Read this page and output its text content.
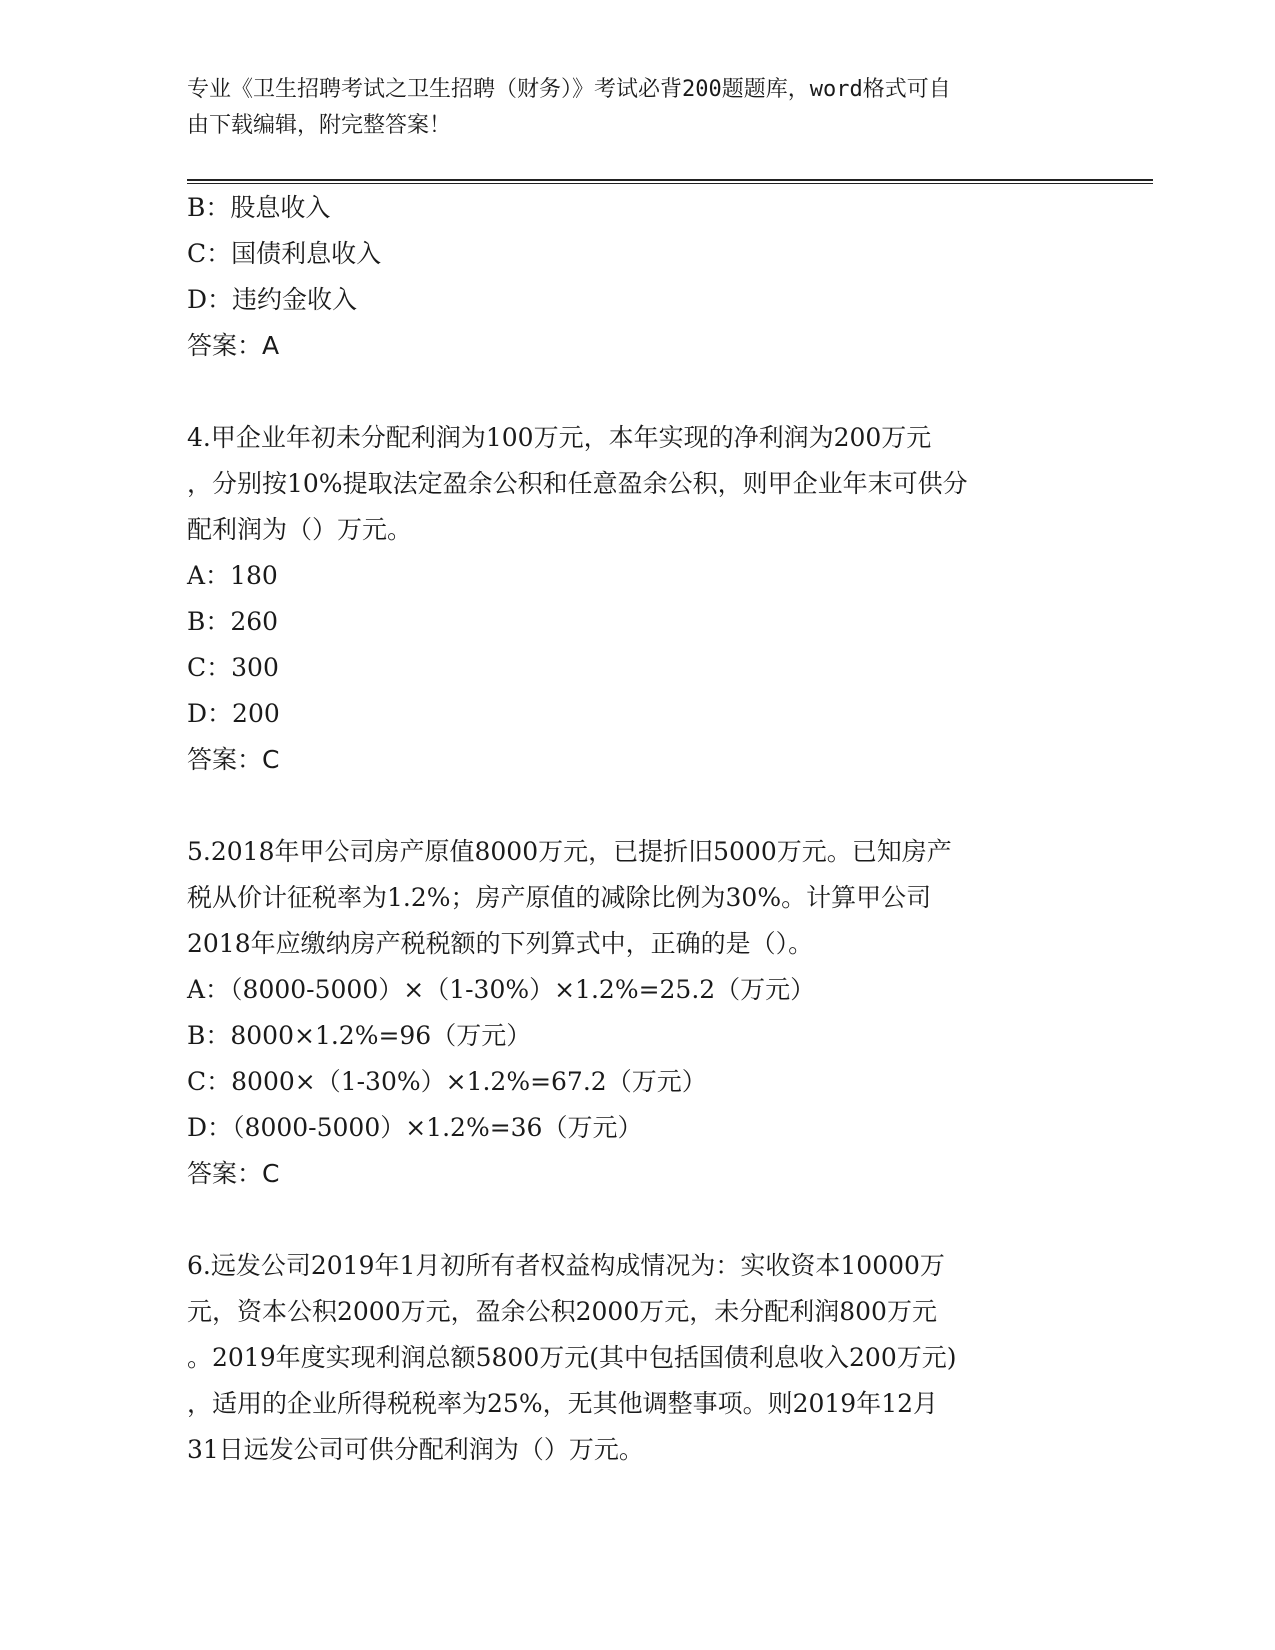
专业《卫生招聘考试之卫生招聘（财务）》考试必背200题题库，word格式可自
由下载编辑，附完整答案！
B：股息收入
C：国债利息收入
D：违约金收入
答案：A
4.甲企业年初未分配利润为100万元，本年实现的净利润为200万元
，分别按10%提取法定盈余公积和任意盈余公积，则甲企业年末可供分
配利润为（）万元。
A：180
B：260
C：300
D：200
答案：C
5.2018年甲公司房产原值8000万元，已提折旧5000万元。已知房产
税从价计征税率为1.2%；房产原值的减除比例为30%。计算甲公司
2018年应缴纳房产税税额的下列算式中，正确的是（）。
A：（8000-5000）×（1-30%）×1.2%=25.2（万元）
B：8000×1.2%=96（万元）
C：8000×（1-30%）×1.2%=67.2（万元）
D：（8000-5000）×1.2%=36（万元）
答案：C
6.远发公司2019年1月初所有者权益构成情况为：实收资本10000万
元，资本公积2000万元，盈余公积2000万元，未分配利润800万元
。2019年度实现利润总额5800万元(其中包括国债利息收入200万元)
，适用的企业所得税税率为25%，无其他调整事项。则2019年12月
31日远发公司可供分配利润为（）万元。
